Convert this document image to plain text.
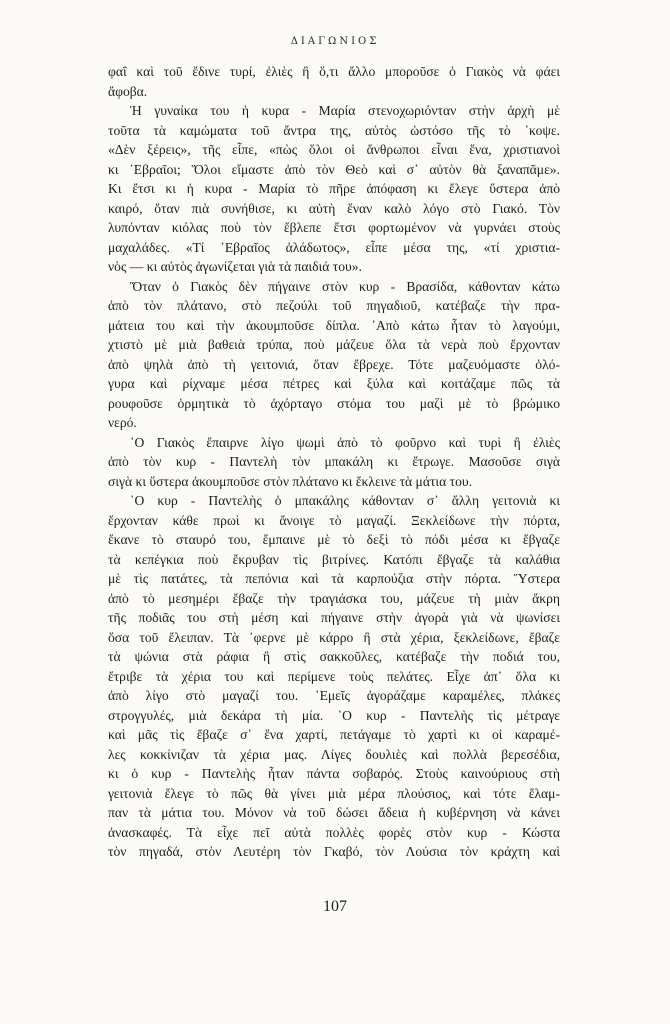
ΔΙΑΓΩΝΙΟΣ
φαΐ καὶ τοῦ ἔδινε τυρί, ἐλιὲς ἢ ὅ,τι ἄλλο μποροῦσε ὁ Γιακὸς νὰ φάει
ἄφοβα.
Ἡ γυναίκα του ἡ κυρα - Μαρία στενοχωριόνταν στὴν ἀρχὴ μὲ
τοῦτα τὰ καμώματα τοῦ ἄντρα της, αὐτὸς ὡστόσο τῆς τὸ ᾿κοψε.
«Δὲν ξέρεις», τῆς εἶπε, «πὼς ὅλοι οἱ ἄνθρωποι εἶναι ἕνα, χριστιανοὶ
κι ᾿Εβραῖοι; Ὅλοι εἴμαστε ἀπὸ τὸν Θεὸ καὶ σ᾿ αὐτὸν θὰ ξαναπᾶμε».
Κι ἔτσι κι ἡ κυρα - Μαρία τὸ πῆρε ἀπόφαση κι ἔλεγε ὕστερα ἀπὸ
καιρό, ὅταν πιὰ συνήθισε, κι αὐτὴ ἕναν καλὸ λόγο στὸ Γιακό. Τὸν
λυπόνταν κιόλας ποὺ τὸν ἔβλεπε ἔτσι φορτωμένον νὰ γυρνάει στοὺς
μαχαλάδες. «Τί ᾿Εβραῖος ἀλάδωτος», εἶπε μέσα της, «τί χριστια-
νὸς — κι αὐτὸς ἀγωνίζεται γιὰ τὰ παιδιά του».
Ὅταν ὁ Γιακὸς δὲν πήγαινε στὸν κυρ - Βρασίδα, κάθονταν κάτω
ἀπὸ τὸν πλάτανο, στὸ πεζούλι τοῦ πηγαδιοῦ, κατέβαζε τὴν πρα-
μάτεια του καὶ τὴν ἀκουμποῦσε δίπλα. ᾿Απὸ κάτω ἦταν τὸ λαγούμι,
χτιστὸ μὲ μιὰ βαθειὰ τρύπα, ποὺ μάζευε ὅλα τὰ νερὰ ποὺ ἔρχονταν
ἀπὸ ψηλὰ ἀπὸ τὴ γειτονιά, ὅταν ἔβρεχε. Τότε μαζευόμαστε ὁλό-
γυρα καὶ ρίχναμε μέσα πέτρες καὶ ξύλα καὶ κοιτάζαμε πῶς τὰ
ρουφοῦσε ὁρμητικὰ τὸ ἀχόρταγο στόμα του μαζὶ μὲ τὸ βρώμικο
νερό.
῾Ο Γιακὸς ἔπαιρνε λίγο ψωμὶ ἀπὸ τὸ φοῦρνο καὶ τυρὶ ἢ ἐλιὲς
ἀπὸ τὸν κυρ - Παντελὴ τὸν μπακάλη κι ἔτρωγε. Μασοῦσε σιγὰ
σιγὰ κι ὕστερα ἀκουμποῦσε στὸν πλάτανο κι ἔκλεινε τὰ μάτια του.
῾Ο κυρ - Παντελὴς ὁ μπακάλης κάθονταν σ᾿ ἄλλη γειτονιὰ κι
ἔρχονταν κάθε πρωὶ κι ἄνοιγε τὸ μαγαζί. Ξεκλείδωνε τὴν πόρτα,
ἔκανε τὸ σταυρό του, ἔμπαινε μὲ τὸ δεξὶ τὸ πόδι μέσα κι ἔβγαζε
τὰ κεπέγκια ποὺ ἔκρυβαν τὶς βιτρίνες. Κατόπι ἔβγαζε τὰ καλάθια
μὲ τὶς πατάτες, τὰ πεπόνια καὶ τὰ καρπούζια στὴν πόρτα. Ὕστερα
ἀπὸ τὸ μεσημέρι ἔβαζε τὴν τραγιάσκα του, μάζευε τὴ μιὰν ἄκρη
τῆς ποδιᾶς του στὴ μέση καὶ πήγαινε στὴν ἀγορὰ γιὰ νὰ ψωνίσει
ὅσα τοῦ ἔλειπαν. Τὰ ᾿φερνε μὲ κάρρο ἢ στὰ χέρια, ξεκλείδωνε, ἔβαζε
τὰ ψώνια στὰ ράφια ἢ στὶς σακκοῦλες, κατέβαζε τὴν ποδιά του,
ἔτριβε τὰ χέρια του καὶ περίμενε τοὺς πελάτες. Εἶχε ἀπ᾿ ὅλα κι
ἀπὸ λίγο στὸ μαγαζί του. ᾿Εμεῖς ἀγοράζαμε καραμέλες, πλάκες
στρογγυλές, μιὰ δεκάρα τὴ μία. ῾Ο κυρ - Παντελὴς τὶς μέτραγε
καὶ μᾶς τὶς ἔβαζε σ᾿ ἕνα χαρτί, πετάγαμε τὸ χαρτὶ κι οἱ καραμέ-
λες κοκκίνιζαν τὰ χέρια μας. Λίγες δουλιὲς καὶ πολλὰ βερεσέδια,
κι ὁ κυρ - Παντελὴς ἦταν πάντα σοβαρός. Στοὺς καινούριους στὴ
γειτονιὰ ἔλεγε τὸ πῶς θὰ γίνει μιὰ μέρα πλούσιος, καὶ τότε ἔλαμ-
παν τὰ μάτια του. Μόνον νὰ τοῦ δώσει ἄδεια ἡ κυβέρνηση νὰ κάνει
ἀνασκαφές. Τὰ εἶχε πεῖ αὐτὰ πολλὲς φορὲς στὸν κυρ - Κώστα
τὸν πηγαδά, στὸν Λευτέρη τὸν Γκαβό, τὸν Λούσια τὸν κράχτη καὶ
107
